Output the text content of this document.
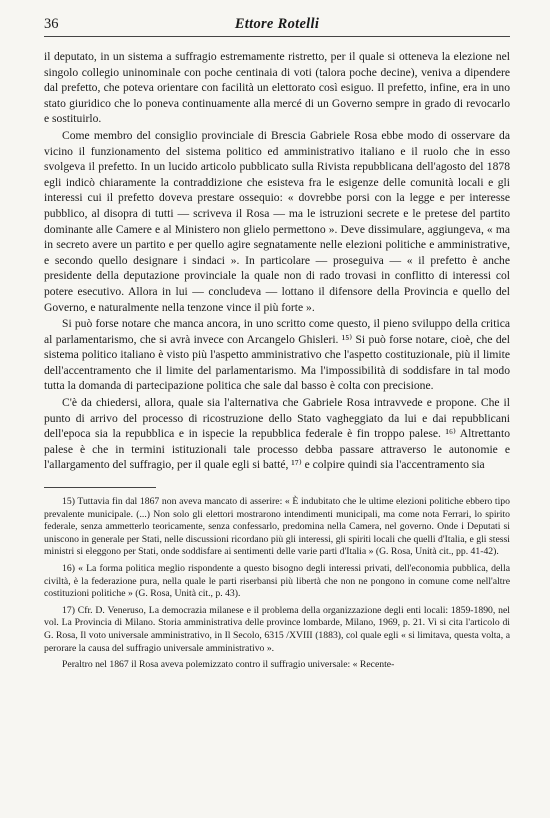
36	Ettore Rotelli

il deputato, in un sistema a suffragio estremamente ristretto, per il quale si otteneva la elezione nel singolo collegio uninominale con poche centinaia di voti (talora poche decine), veniva a dipendere dal prefetto, che poteva orientare con facilità un elettorato così esiguo. Il prefetto, infine, era in uno stato giuridico che lo poneva continuamente alla mercé di un Governo sempre in grado di revocarlo e sostituirlo.

Come membro del consiglio provinciale di Brescia Gabriele Rosa ebbe modo di osservare da vicino il funzionamento del sistema politico ed amministrativo italiano e il ruolo che in esso svolgeva il prefetto. In un lucido articolo pubblicato sulla Rivista repubblicana dell'agosto del 1878 egli indicò chiaramente la contraddizione che esisteva fra le esigenze delle comunità locali e gli interessi cui il prefetto doveva prestare ossequio: « dovrebbe porsi con la legge e per interesse pubblico, al disopra di tutti — scriveva il Rosa — ma le istruzioni secrete e le pretese del partito dominante alle Camere e al Ministero non glielo permettono ». Deve dissimulare, aggiungeva, « ma in secreto avere un partito e per quello agire segnatamente nelle elezioni politiche e amministrative, e secondo quello designare i sindaci ». In particolare — proseguiva — « il prefetto è anche presidente della deputazione provinciale la quale non di rado trovasi in conflitto di interessi col potere esecutivo. Allora in lui — concludeva — lottano il difensore della Provincia e quello del Governo, e naturalmente nella tenzone vince il più forte ».

Si può forse notare che manca ancora, in uno scritto come questo, il pieno sviluppo della critica al parlamentarismo, che si avrà invece con Arcangelo Ghisleri. ¹⁵⁾ Si può forse notare, cioè, che del sistema politico italiano è visto più l'aspetto amministrativo che l'aspetto costituzionale, più il limite dell'accentramento che il limite del parlamentarismo. Ma l'impossibilità di soddisfare in tal modo tutta la domanda di partecipazione politica che sale dal basso è colta con precisione.

C'è da chiedersi, allora, quale sia l'alternativa che Gabriele Rosa intravvede e propone. Che il punto di arrivo del processo di ricostruzione dello Stato vagheggiato da lui e dai repubblicani dell'epoca sia la repubblica e in ispecie la repubblica federale è fin troppo palese. ¹⁶⁾ Altrettanto palese è che in termini istituzionali tale processo debba passare attraverso le autonomie e l'allargamento del suffragio, per il quale egli si batté, ¹⁷⁾ e colpire quindi sia l'accentramento sia

15) Tuttavia fin dal 1867 non aveva mancato di asserire: « È indubitato che le ultime elezioni politiche ebbero tipo prevalente municipale. (...) Non solo gli elettori mostrarono intendimenti municipali, ma come nota Ferrari, lo spirito federale, senza ammetterlo teoricamente, senza confessarlo, predomina nella Camera, nel governo. Onde i Deputati si uniscono in generale per Stati, nelle discussioni ricordano più gli interessi, gli spiriti locali che quelli d'Italia, e gli stessi ministri si eleggono per Stati, onde soddisfare ai sentimenti delle varie parti d'Italia » (G. Rosa, Unità cit., pp. 41-42).

16) « La forma politica meglio rispondente a questo bisogno degli interessi privati, dell'economia pubblica, della civiltà, è la federazione pura, nella quale le parti riserbansi più libertà che non ne pongono in comune come nell'altre costituzioni politiche » (G. Rosa, Unità cit., p. 43).

17) Cfr. D. Veneruso, La democrazia milanese e il problema della organizzazione degli enti locali: 1859-1890, nel vol. La Provincia di Milano. Storia amministrativa delle province lombarde, Milano, 1969, p. 21. Vi si cita l'articolo di G. Rosa, Il voto universale amministrativo, in Il Secolo, 6315 /XVIII (1883), col quale egli « si limitava, questa volta, a perorare la causa del suffragio universale amministrativo ».

Peraltro nel 1867 il Rosa aveva polemizzato contro il suffragio universale: « Recente-
